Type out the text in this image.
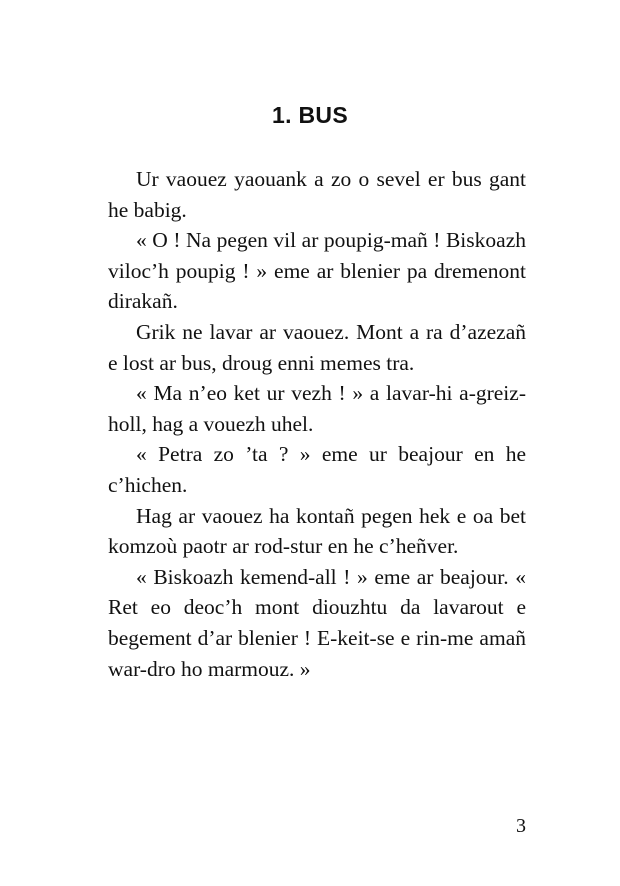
1. BUS

Ur vaouez yaouank a zo o sevel er bus gant he babig.

« O ! Na pegen vil ar poupig-mañ ! Biskoazh viloc’h poupig ! » eme ar blenier pa dremenont dirakañ.

Grik ne lavar ar vaouez. Mont a ra d’azezañ e lost ar bus, droug enni memes tra.

« Ma n’eo ket ur vezh ! » a lavar-hi a-greizholl, hag a vouezh uhel.

« Petra zo ’ta ? » eme ur beajour en he c’hichen.

Hag ar vaouez ha kontañ pegen hek e oa bet komzoù paotr ar rod-stur en he c’heñver.

« Biskoazh kemend-all ! » eme ar beajour. « Ret eo deoc’h mont diouzhtu da lavarout e begement d’ar blenier ! E-keit-se e rin-me amañ war-dro ho marmouz. »

3
